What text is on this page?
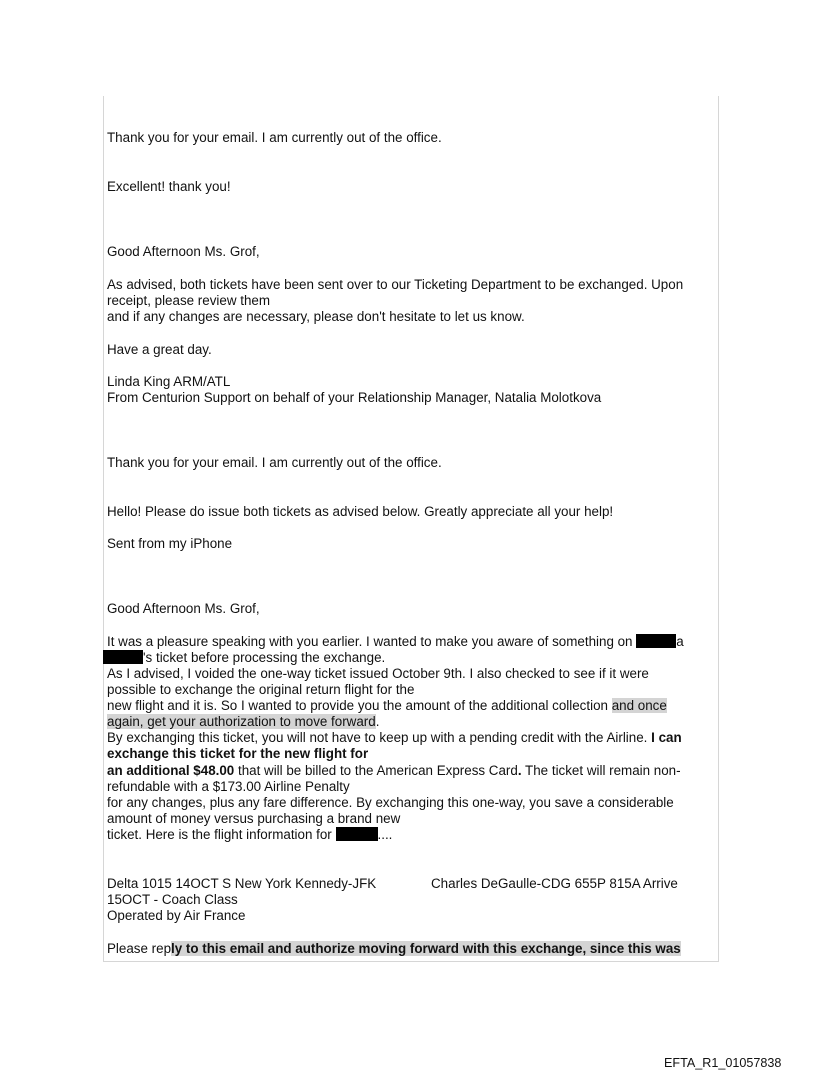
Thank you for your email. I am currently out of the office.
Excellent! thank you!
Good Afternoon Ms. Grof,
As advised, both tickets have been sent over to our Ticketing Department to be exchanged. Upon
receipt, please review them
and if any changes are necessary, please don't hesitate to let us know.
Have a great day.
Linda King ARM/ATL
From Centurion Support on behalf of your Relationship Manager, Natalia Molotkova
Thank you for your email. I am currently out of the office.
Hello! Please do issue both tickets as advised below. Greatly appreciate all your help!
Sent from my iPhone
Good Afternoon Ms. Grof,
It was a pleasure speaking with you earlier. I wanted to make you aware of something on	a
's ticket before processing the exchange.
As I advised, I voided the one-way ticket issued October 9th. I also checked to see if it were
possible to exchange the original return flight for the
new flight and it is. So I wanted to provide you the amount of the additional collection and once
again, get your authorization to move forward.
By exchanging this ticket, you will not have to keep up with a pending credit with the Airline. I can
exchange this ticket for the new flight for
an additional $48.00 that will be billed to the American Express Card. The ticket will remain non-
refundable with a $173.00 Airline Penalty
for any changes, plus any fare difference. By exchanging this one-way, you save a considerable
amount of money versus purchasing a brand new
ticket. Here is the flight information for	....
Delta 1015 14OCT S New York Kennedy-JFK	Charles DeGaulle-CDG 655P 815A Arrive
15OCT - Coach Class
Operated by Air France
Please reply to this email and authorize moving forward with this exchange, since this was
EFTA_R1_01057838
